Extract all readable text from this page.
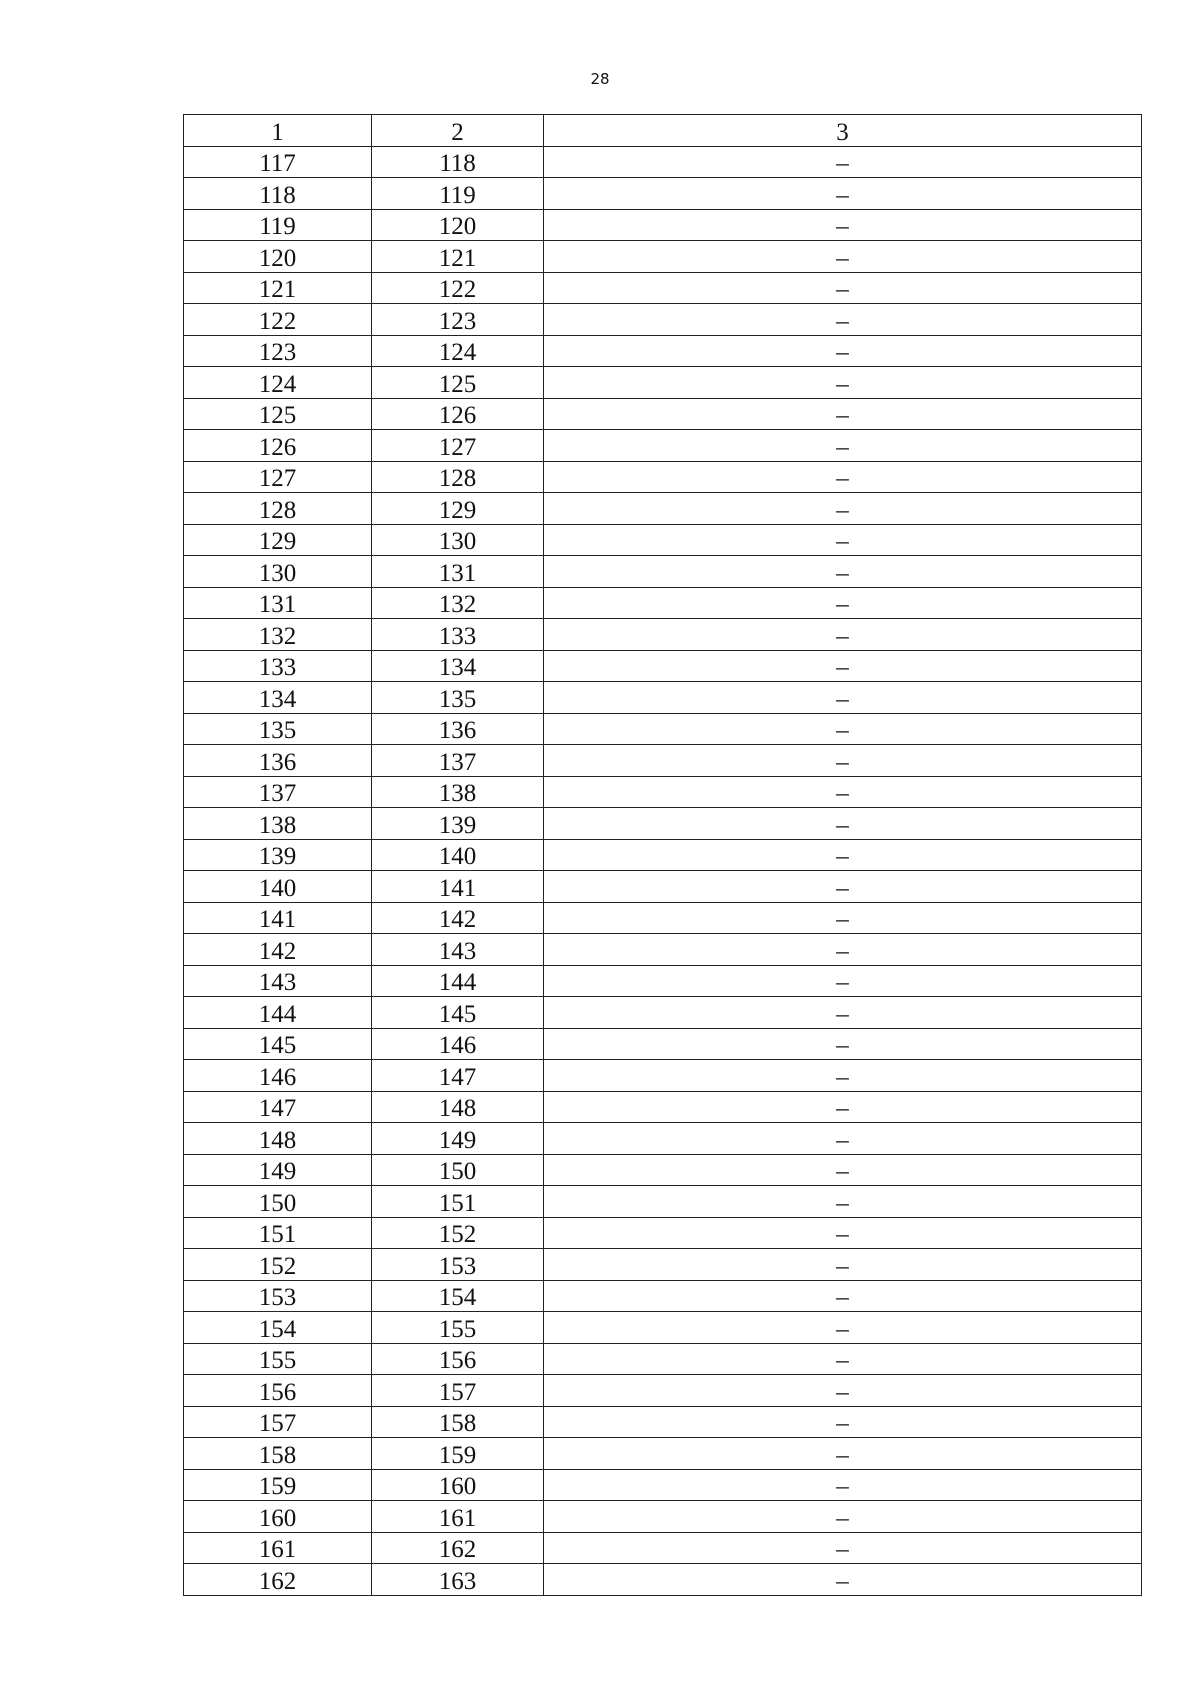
28
1	2	3
117	118	–
118	119	–
119	120	–
120	121	–
121	122	–
122	123	–
123	124	–
124	125	–
125	126	–
126	127	–
127	128	–
128	129	–
129	130	–
130	131	–
131	132	–
132	133	–
133	134	–
134	135	–
135	136	–
136	137	–
137	138	–
138	139	–
139	140	–
140	141	–
141	142	–
142	143	–
143	144	–
144	145	–
145	146	–
146	147	–
147	148	–
148	149	–
149	150	–
150	151	–
151	152	–
152	153	–
153	154	–
154	155	–
155	156	–
156	157	–
157	158	–
158	159	–
159	160	–
160	161	–
161	162	–
162	163	–
